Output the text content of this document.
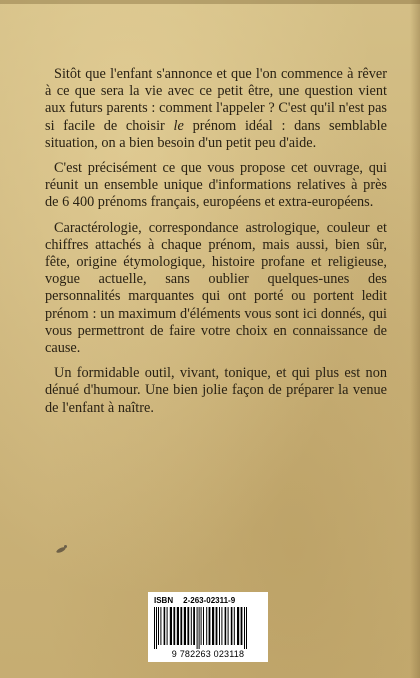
Sitôt que l'enfant s'annonce et que l'on commence à rêver à ce que sera la vie avec ce petit être, une question vient aux futurs parents : comment l'appeler ? C'est qu'il n'est pas si facile de choisir le prénom idéal : dans semblable situation, on a bien besoin d'un petit peu d'aide.

C'est précisément ce que vous propose cet ouvrage, qui réunit un ensemble unique d'informations relatives à près de 6 400 prénoms français, européens et extra-européens.

Caractérologie, correspondance astrologique, couleur et chiffres attachés à chaque prénom, mais aussi, bien sûr, fête, origine étymologique, histoire profane et religieuse, vogue actuelle, sans oublier quelques-unes des personnalités marquantes qui ont porté ou portent ledit prénom : un maximum d'éléments vous sont ici donnés, qui vous permettront de faire votre choix en connaissance de cause.

Un formidable outil, vivant, tonique, et qui plus est non dénué d'humour. Une bien jolie façon de préparer la venue de l'enfant à naître.

ISBN 2-263-02311-9
9 782263 023118
